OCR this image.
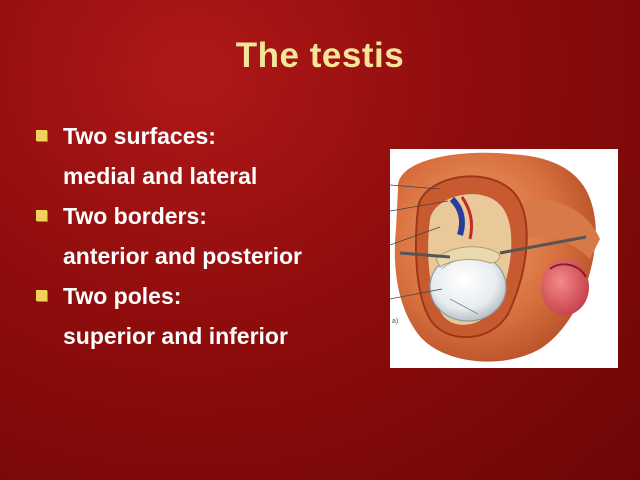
The testis
Two surfaces:
medial and lateral
Two borders:
anterior and posterior
Two poles:
superior and inferior
a)
